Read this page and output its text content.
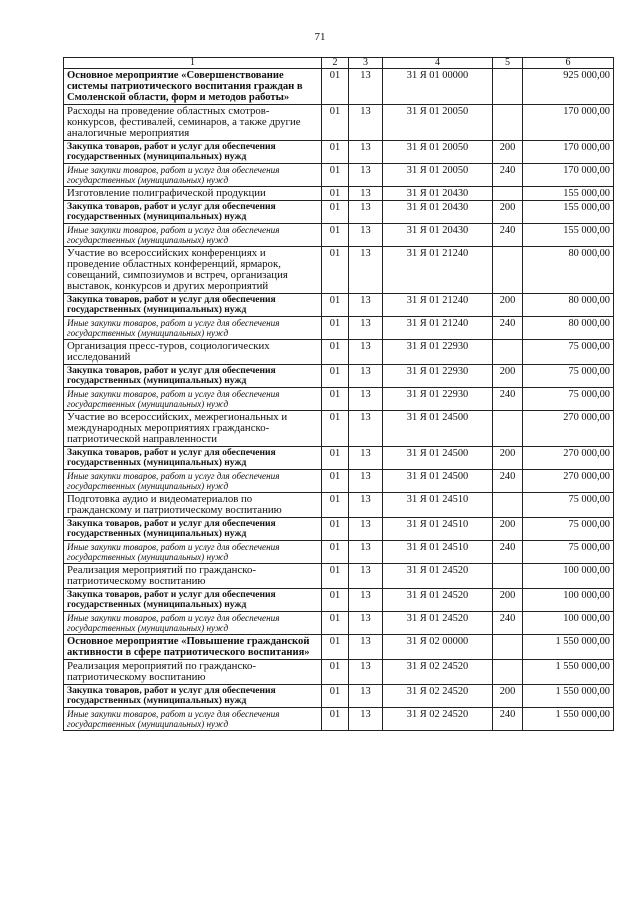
71
1	2	3	4	5	6
Основное мероприятие «Совершенствование системы патриотического воспитания граждан в Смоленской области, форм и методов работы»	01	13	31 Я 01 00000		925 000,00
Расходы на проведение областных смотров-конкурсов, фестивалей, семинаров, а также другие аналогичные мероприятия	01	13	31 Я 01 20050		170 000,00
Закупка товаров, работ и услуг для обеспечения государственных (муниципальных) нужд	01	13	31 Я 01 20050	200	170 000,00
Иные закупки товаров, работ и услуг для обеспечения государственных (муниципальных) нужд	01	13	31 Я 01 20050	240	170 000,00
Изготовление полиграфической продукции	01	13	31 Я 01 20430		155 000,00
Закупка товаров, работ и услуг для обеспечения государственных (муниципальных) нужд	01	13	31 Я 01 20430	200	155 000,00
Иные закупки товаров, работ и услуг для обеспечения государственных (муниципальных) нужд	01	13	31 Я 01 20430	240	155 000,00
Участие во всероссийских конференциях и проведение областных конференций, ярмарок, совещаний, симпозиумов и встреч, организация выставок, конкурсов и других мероприятий	01	13	31 Я 01 21240		80 000,00
Закупка товаров, работ и услуг для обеспечения государственных (муниципальных) нужд	01	13	31 Я 01 21240	200	80 000,00
Иные закупки товаров, работ и услуг для обеспечения государственных (муниципальных) нужд	01	13	31 Я 01 21240	240	80 000,00
Организация пресс-туров, социологических исследований	01	13	31 Я 01 22930		75 000,00
Закупка товаров, работ и услуг для обеспечения государственных (муниципальных) нужд	01	13	31 Я 01 22930	200	75 000,00
Иные закупки товаров, работ и услуг для обеспечения государственных (муниципальных) нужд	01	13	31 Я 01 22930	240	75 000,00
Участие во всероссийских, межрегиональных и международных мероприятиях гражданско-патриотической направленности	01	13	31 Я 01 24500		270 000,00
Закупка товаров, работ и услуг для обеспечения государственных (муниципальных) нужд	01	13	31 Я 01 24500	200	270 000,00
Иные закупки товаров, работ и услуг для обеспечения государственных (муниципальных) нужд	01	13	31 Я 01 24500	240	270 000,00
Подготовка аудио и видеоматериалов по гражданскому и патриотическому воспитанию	01	13	31 Я 01 24510		75 000,00
Закупка товаров, работ и услуг для обеспечения государственных (муниципальных) нужд	01	13	31 Я 01 24510	200	75 000,00
Иные закупки товаров, работ и услуг для обеспечения государственных (муниципальных) нужд	01	13	31 Я 01 24510	240	75 000,00
Реализация мероприятий по гражданско-патриотическому воспитанию	01	13	31 Я 01 24520		100 000,00
Закупка товаров, работ и услуг для обеспечения государственных (муниципальных) нужд	01	13	31 Я 01 24520	200	100 000,00
Иные закупки товаров, работ и услуг для обеспечения государственных (муниципальных) нужд	01	13	31 Я 01 24520	240	100 000,00
Основное мероприятие «Повышение гражданской активности в сфере патриотического воспитания»	01	13	31 Я 02 00000		1 550 000,00
Реализация мероприятий по гражданско-патриотическому воспитанию	01	13	31 Я 02 24520		1 550 000,00
Закупка товаров, работ и услуг для обеспечения государственных (муниципальных) нужд	01	13	31 Я 02 24520	200	1 550 000,00
Иные закупки товаров, работ и услуг для обеспечения государственных (муниципальных) нужд	01	13	31 Я 02 24520	240	1 550 000,00
